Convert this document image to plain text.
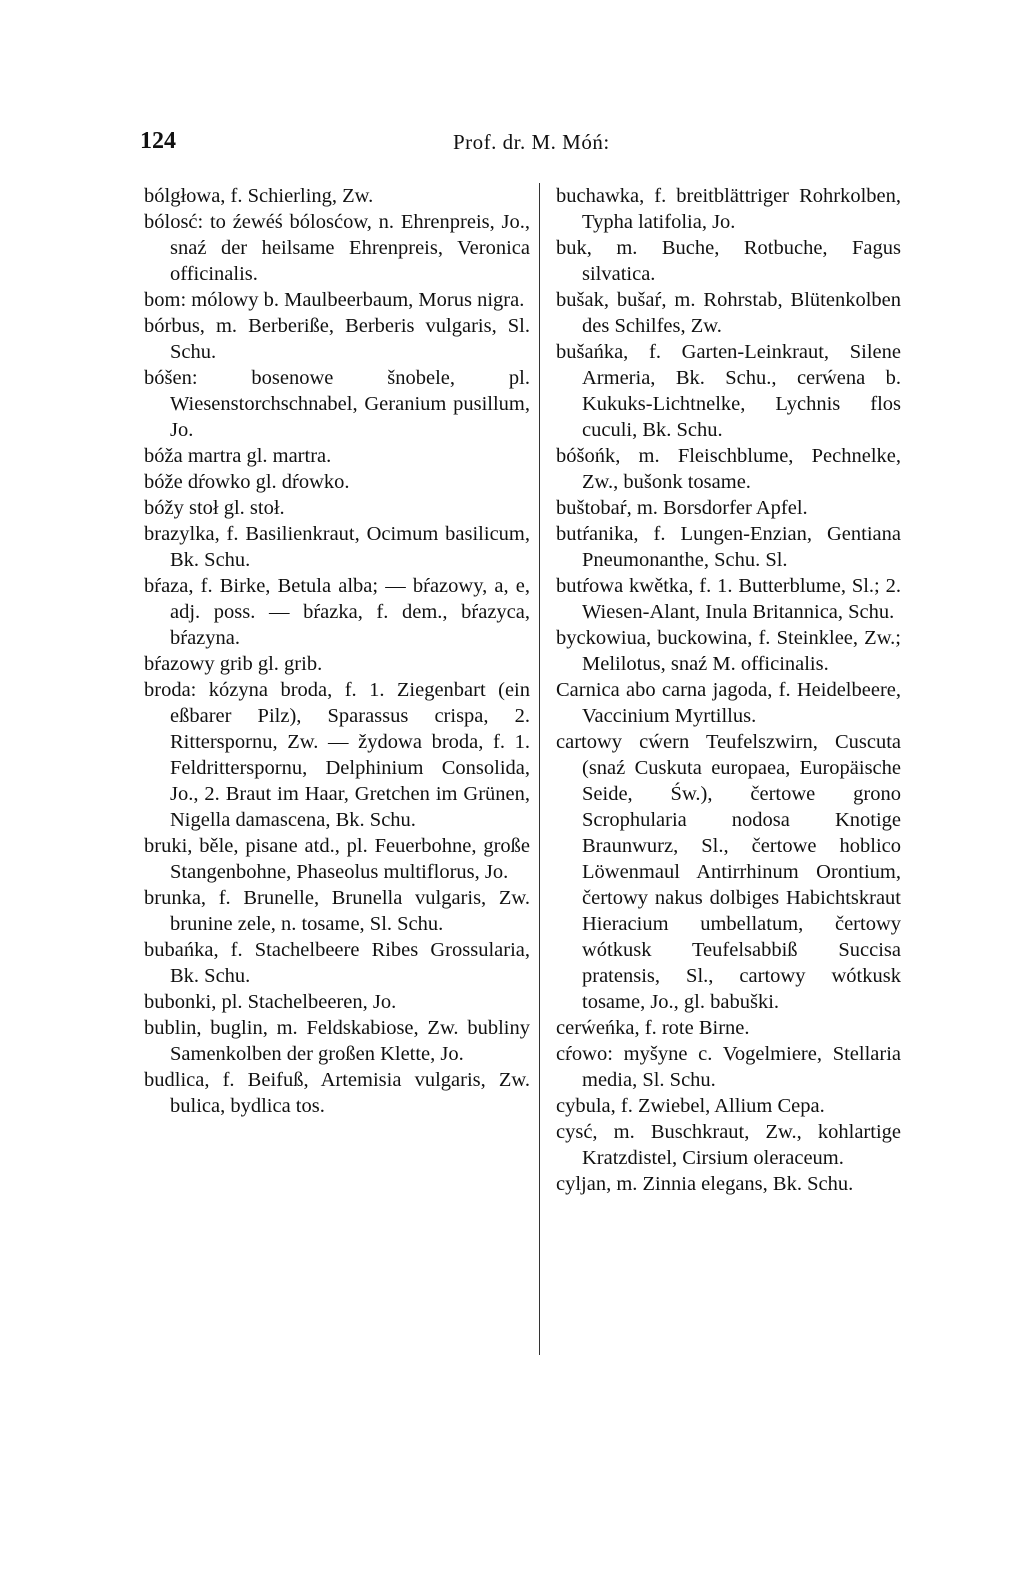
124	Prof. dr. M. Móń:

bólgłowa, f. Schierling, Zw.

bólosć: to źewéś bólosćow, n. Ehrenpreis, Jo., snaź der heilsame Ehrenpreis, Veronica officinalis.

bom: mólowy b. Maulbeerbaum, Morus nigra.

bórbus, m. Berberiße, Berberis vulgaris, Sl. Schu.

bóšen: bosenowe šnobele, pl. Wiesenstorchschnabel, Geranium pusillum, Jo.

bóža martra gl. martra.

bóže dŕowko gl. dŕowko.

bóžy stoł gl. stoł.

brazylka, f. Basilienkraut, Ocimum basilicum, Bk. Schu.

bŕaza, f. Birke, Betula alba; — bŕazowy, a, e, adj. poss. — bŕazka, f. dem., bŕazyca, bŕazyna.

bŕazowy grib gl. grib.

broda: kózyna broda, f. 1. Ziegenbart (ein eßbarer Pilz), Sparassus crispa, 2. Ritterspornu, Zw. — žydowa broda, f. 1. Feldritterspornu, Delphinium Consolida, Jo., 2. Braut im Haar, Gretchen im Grünen, Nigella damascena, Bk. Schu.

bruki, běle, pisane atd., pl. Feuerbohne, große Stangenbohne, Phaseolus multiflorus, Jo.

brunka, f. Brunelle, Brunella vulgaris, Zw. brunine zele, n. tosame, Sl. Schu.

bubańka, f. Stachelbeere Ribes Grossularia, Bk. Schu.

bubonki, pl. Stachelbeeren, Jo.

bublin, buglin, m. Feldskabiose, Zw. bubliny Samenkolben der großen Klette, Jo.

budlica, f. Beifuß, Artemisia vulgaris, Zw. bulica, bydlica tos.

buchawka, f. breitblättriger Rohrkolben, Typha latifolia, Jo.

buk, m. Buche, Rotbuche, Fagus silvatica.

bušak, bušaŕ, m. Rohrstab, Blütenkolben des Schilfes, Zw.

bušańka, f. Garten-Leinkraut, Silene Armeria, Bk. Schu., cerẃena b. Kukuks-Lichtnelke, Lychnis flos cuculi, Bk. Schu.

bóšońk, m. Fleischblume, Pechnelke, Zw., bušonk tosame.

buštobaŕ, m. Borsdorfer Apfel.

butŕanika, f. Lungen-Enzian, Gentiana Pneumonanthe, Schu. Sl.

butŕowa kwětka, f. 1. Butterblume, Sl.; 2. Wiesen-Alant, Inula Britannica, Schu.

byckowiua, buckowina, f. Steinklee, Zw.; Melilotus, snaź M. officinalis.

Carnica abo carna jagoda, f. Heidelbeere, Vaccinium Myrtillus.

cartowy cẃern Teufelszwirn, Cuscuta (snaź Cuskuta europaea, Europäische Seide, Św.), čertowe grono Scrophularia nodosa Knotige Braunwurz, Sl., čertowe hoblico Löwenmaul Antirrhinum Orontium, čertowy nakus dolbiges Habichtskraut Hieracium umbellatum, čertowy wótkusk Teufelsabbiß Succisa pratensis, Sl., cartowy wótkusk tosame, Jo., gl. babuški.

cerẃeńka, f. rote Birne.

cŕowo: myšyne c. Vogelmiere, Stellaria media, Sl. Schu.

cybula, f. Zwiebel, Allium Cepa.

cysć, m. Buschkraut, Zw., kohlartige Kratzdistel, Cirsium oleraceum.

cyljan, m. Zinnia elegans, Bk. Schu.
